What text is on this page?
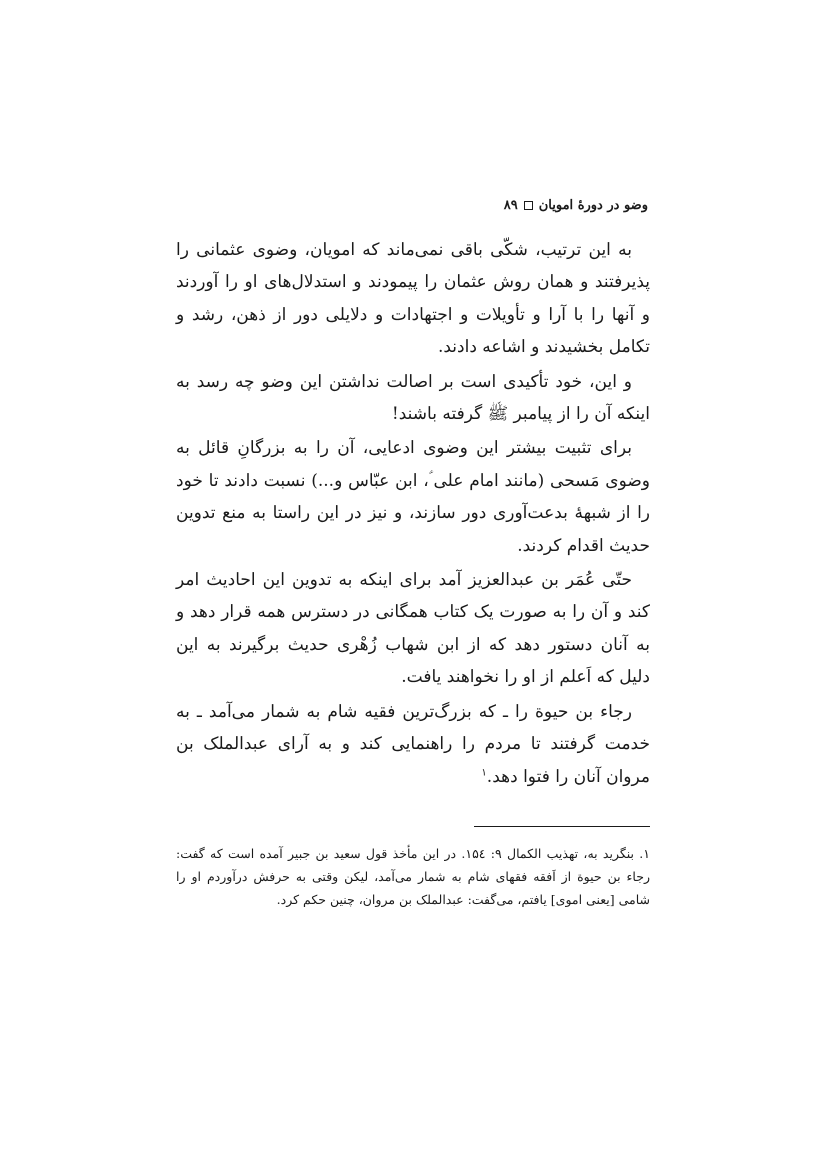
وضو در دورهٔ امویان
۸۹

به این ترتیب، شکّی باقی نمی‌ماند که امویان، وضوی عثمانی را پذیرفتند و همان روش عثمان را پیمودند و استدلال‌های او را آوردند و آنها را با آرا و تأویلات و اجتهادات و دلایلی دور از ذهن، رشد و تکامل بخشیدند و اشاعه دادند.

و این، خود تأکیدی است بر اصالت نداشتن این وضو چه رسد به اینکه آن را از پیامبر ﷺ گرفته باشند!

برای تثبیت بیشتر این وضوی ادعایی، آن را به بزرگانِ قائل به وضوی مَسحی (مانند امام علی ؑ، ابن عبّاس و...) نسبت دادند تا خود را از شبههٔ بدعت‌آوری دور سازند، و نیز در این راستا به منع تدوین حدیث اقدام کردند.

حتّی عُمَر بن عبدالعزیز آمد برای اینکه به تدوین این احادیث امر کند و آن را به صورت یک کتاب همگانی در دسترس همه قرار دهد و به آنان دستور دهد که از ابن شهاب زُهْری حدیث برگیرند به این دلیل که اَعلم از او را نخواهند یافت.

رجاء بن حیوة را ـ که بزرگ‌ترین فقیه شام به شمار می‌آمد ـ به خدمت گرفتند تا مردم را راهنمایی کند و به آرای عبدالملک بن مروان آنان را فتوا دهد.$^۱$

۱. بنگرید به، تهذیب الکمال ۹: ۱۵٤. در این مأخذ قول سعید بن جبیر آمده است که گفت: رجاء بن حیوة از اَفقه فقهای شام به شمار می‌آمد، لیکن وقتی به حرفش درآوردم او را شامی [یعنی اموی] یافتم، می‌گفت: عبدالملک بن مروان، چنین حکم کرد.
